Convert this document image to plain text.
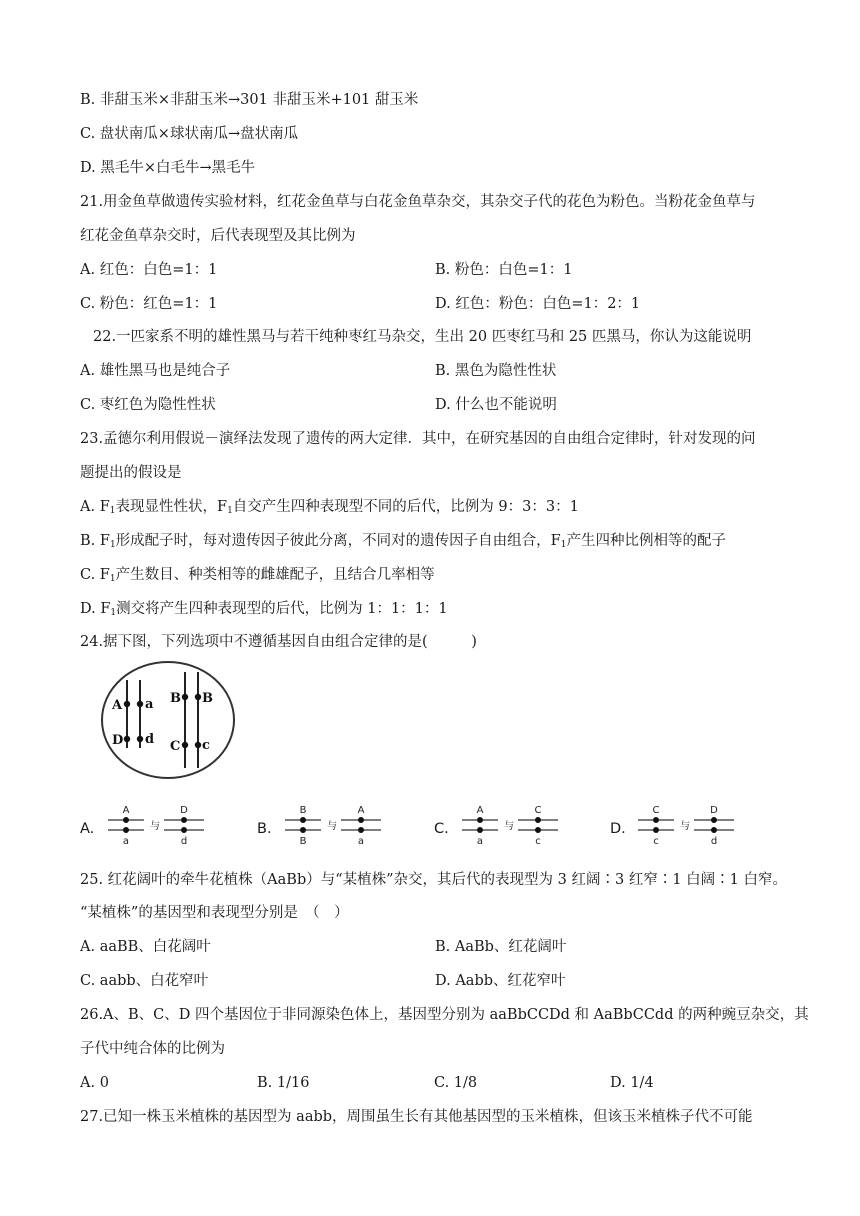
B. 非甜玉米×非甜玉米→301 非甜玉米+101 甜玉米
C. 盘状南瓜×球状南瓜→盘状南瓜
D. 黑毛牛×白毛牛→黑毛牛
21.用金鱼草做遗传实验材料，红花金鱼草与白花金鱼草杂交，其杂交子代的花色为粉色。当粉花金鱼草与
红花金鱼草杂交时，后代表现型及其比例为
A. 红色：白色=1：1	B. 粉色：白色=1：1
C. 粉色：红色=1：1	D. 红色：粉色：白色=1：2：1
22.一匹家系不明的雄性黑马与若干纯种枣红马杂交，生出 20 匹枣红马和 25 匹黑马，你认为这能说明
A. 雄性黑马也是纯合子	B. 黑色为隐性性状
C. 枣红色为隐性性状	D. 什么也不能说明
23.孟德尔利用假说－演绎法发现了遗传的两大定律．其中，在研究基因的自由组合定律时，针对发现的问
题提出的假设是
A. $F_1$表现显性性状，$F_1$自交产生四种表现型不同的后代，比例为 9：3：3：1
B. $F_1$形成配子时，每对遗传因子彼此分离，不同对的遗传因子自由组合，$F_1$产生四种比例相等的配子
C. $F_1$产生数目、种类相等的雌雄配子，且结合几率相等
D. $F_1$测交将产生四种表现型的后代，比例为 1：1：1：1
24.据下图，下列选项中不遵循基因自由组合定律的是(　　　)
A a
D d
B B
C c
A.
A
a
D
d
与	B.
B
B
A
a
与	C.
A
a
C
c
与	D.
C
c
D
d
与
25. 红花阔叶的牵牛花植株（AaBb）与“某植株”杂交，其后代的表现型为 3 红阔∶3 红窄∶1 白阔∶1 白窄。
“某植株”的基因型和表现型分别是　（　）
A. aaBB、白花阔叶	B. AaBb、红花阔叶
C. aabb、白花窄叶	D. Aabb、红花窄叶
26.A、B、C、D 四个基因位于非同源染色体上，基因型分别为 aaBbCCDd 和 AaBbCCdd 的两种豌豆杂交，其
子代中纯合体的比例为
A. 0	B. 1/16	C. 1/8	D. 1/4
27.已知一株玉米植株的基因型为 aabb，周围虽生长有其他基因型的玉米植株，但该玉米植株子代不可能
